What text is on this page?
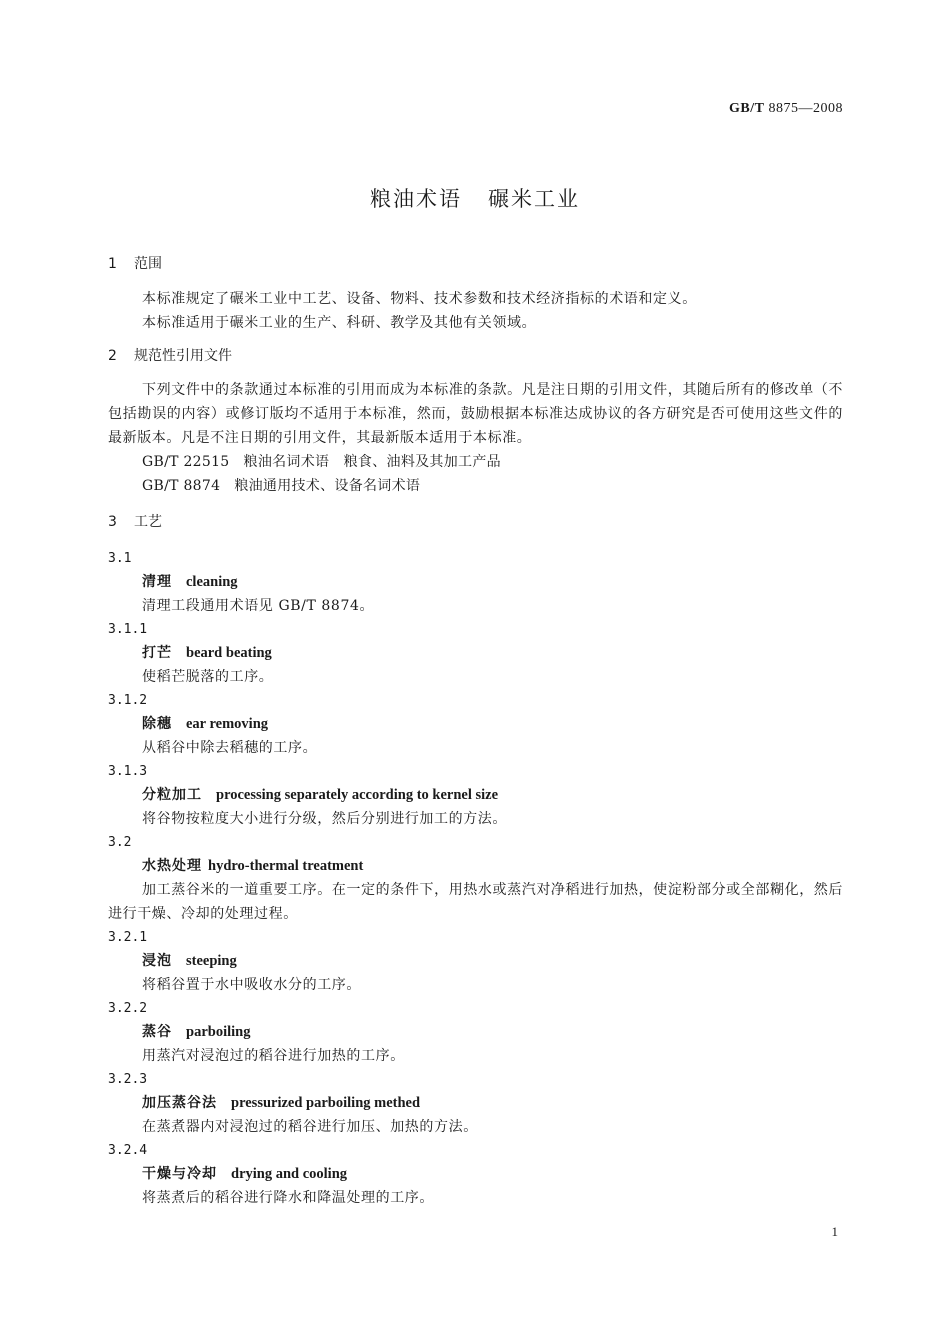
GB/T 8875—2008
粮油术语 碾米工业
1 范围
本标准规定了碾米工业中工艺、设备、物料、技术参数和技术经济指标的术语和定义。
本标准适用于碾米工业的生产、科研、教学及其他有关领域。
2 规范性引用文件
下列文件中的条款通过本标准的引用而成为本标准的条款。凡是注日期的引用文件，其随后所有的修改单（不包括勘误的内容）或修订版均不适用于本标准，然而，鼓励根据本标准达成协议的各方研究是否可使用这些文件的最新版本。凡是不注日期的引用文件，其最新版本适用于本标准。
GB/T 22515 粮油名词术语　粮食、油料及其加工产品
GB/T 8874 粮油通用技术、设备名词术语
3 工艺
3.1
清理 cleaning
清理工段通用术语见 GB/T 8874。
3.1.1
打芒 beard beating
使稻芒脱落的工序。
3.1.2
除穗 ear removing
从稻谷中除去稻穗的工序。
3.1.3
分粒加工 processing separately according to kernel size
将谷物按粒度大小进行分级，然后分别进行加工的方法。
3.2
水热处理 hydro-thermal treatment
加工蒸谷米的一道重要工序。在一定的条件下，用热水或蒸汽对净稻进行加热，使淀粉部分或全部糊化，然后进行干燥、冷却的处理过程。
3.2.1
浸泡 steeping
将稻谷置于水中吸收水分的工序。
3.2.2
蒸谷 parboiling
用蒸汽对浸泡过的稻谷进行加热的工序。
3.2.3
加压蒸谷法 pressurized parboiling methed
在蒸煮器内对浸泡过的稻谷进行加压、加热的方法。
3.2.4
干燥与冷却 drying and cooling
将蒸煮后的稻谷进行降水和降温处理的工序。
1
